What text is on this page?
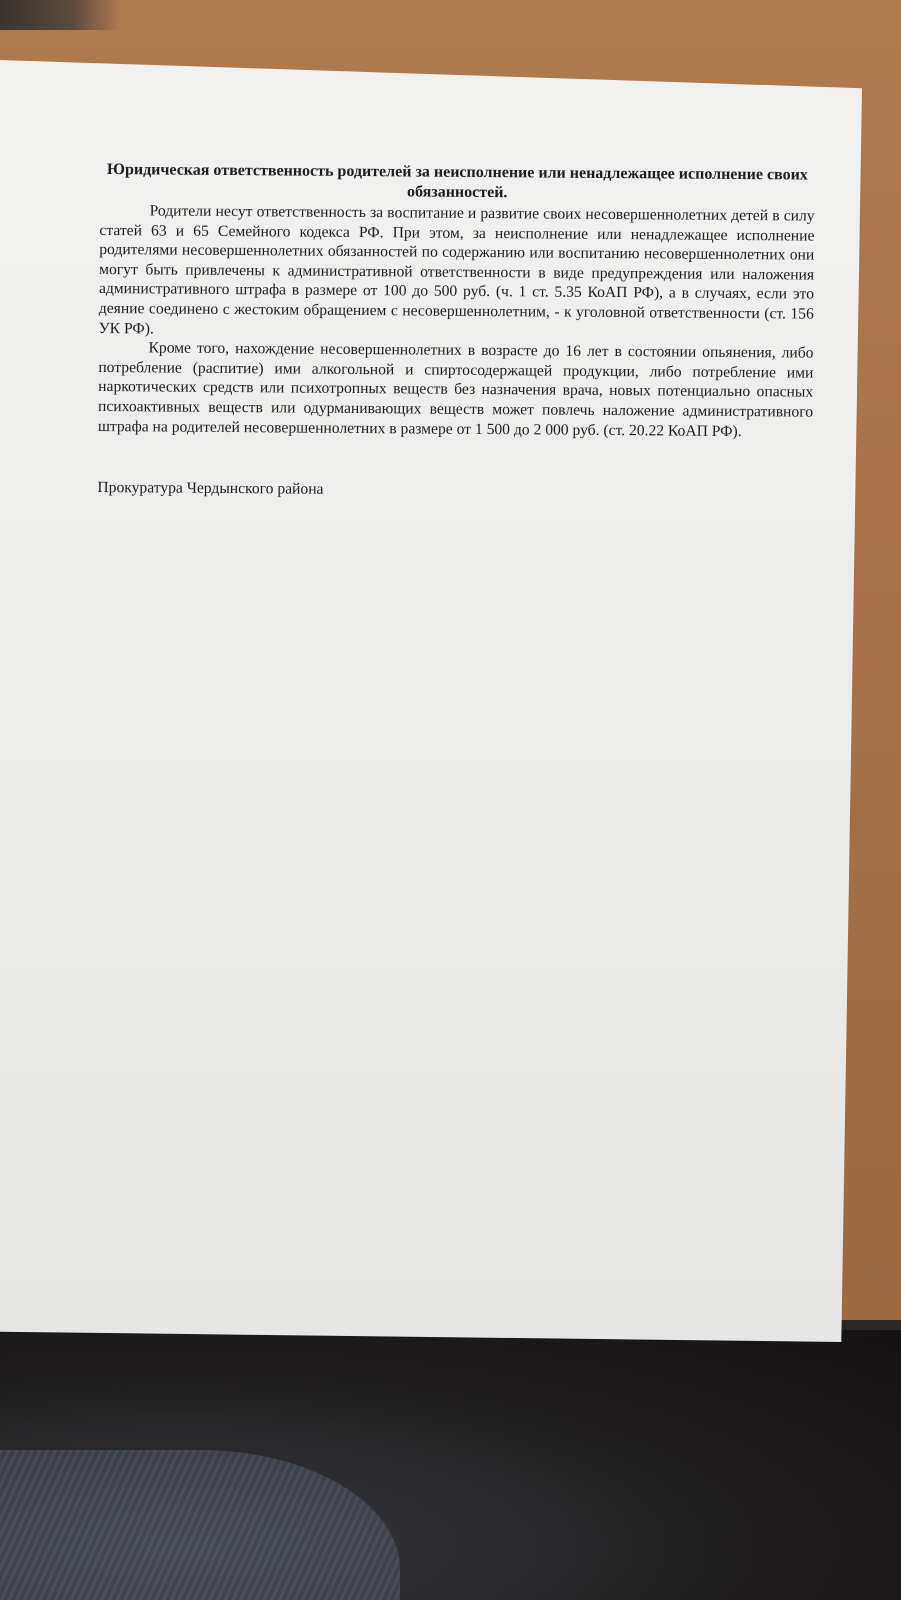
Юридическая ответственность родителей за неисполнение или ненадлежащее исполнение своих обязанностей.

Родители несут ответственность за воспитание и развитие своих несовершеннолетних детей в силу статей 63 и 65 Семейного кодекса РФ. При этом, за неисполнение или ненадлежащее исполнение родителями несовершеннолетних обязанностей по содержанию или воспитанию несовершеннолетних они могут быть привлечены к административной ответственности в виде предупреждения или наложения административного штрафа в размере от 100 до 500 руб. (ч. 1 ст. 5.35 КоАП РФ), а в случаях, если это деяние соединено с жестоким обращением с несовершеннолетним, - к уголовной ответственности (ст. 156 УК РФ).

Кроме того, нахождение несовершеннолетних в возрасте до 16 лет в состоянии опьянения, либо потребление (распитие) ими алкогольной и спиртосодержащей продукции, либо потребление ими наркотических средств или психотропных веществ без назначения врача, новых потенциально опасных психоактивных веществ или одурманивающих веществ может повлечь наложение административного штрафа на родителей несовершеннолетних в размере от 1 500 до 2 000 руб. (ст. 20.22 КоАП РФ).

Прокуратура Чердынского района
